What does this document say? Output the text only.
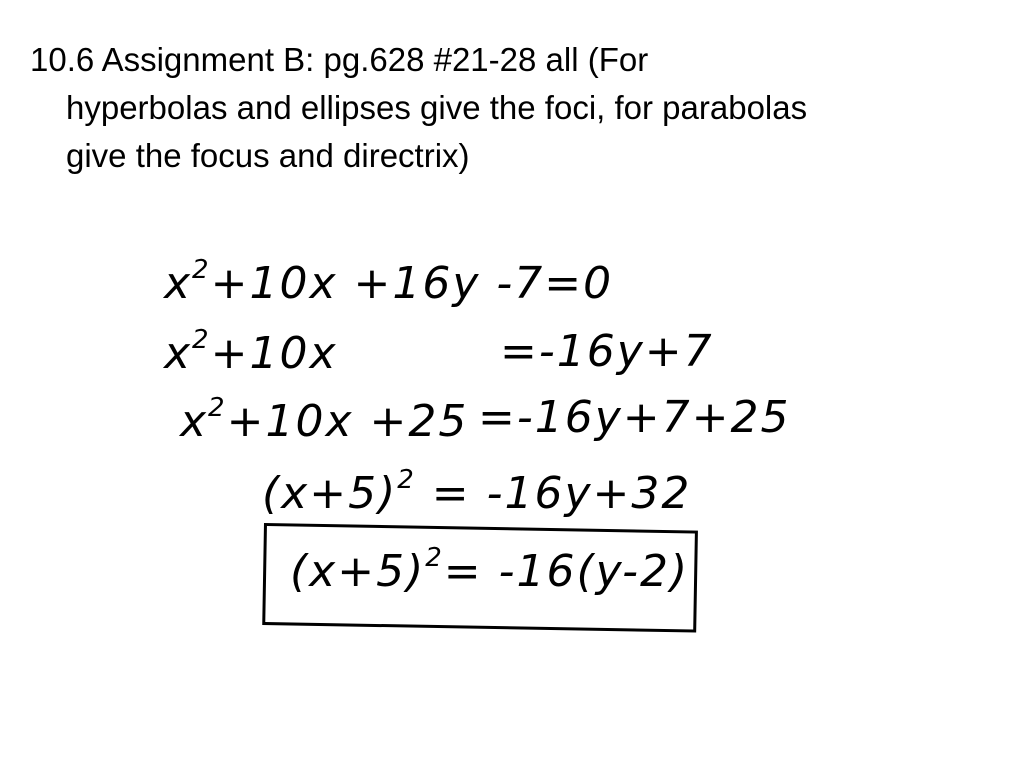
10.6 Assignment B: pg.628 #21-28 all (For
hyperbolas and ellipses give the foci, for parabolas
give the focus and directrix)
$x^2+10x +16y$ -7=0
$x^2+10x$	=-16y+7
$x^2+10x +25 =-16y+7+25$
$(x+5)^2 = -16y+32$
$(x+5)^2= -16(y-2)$
